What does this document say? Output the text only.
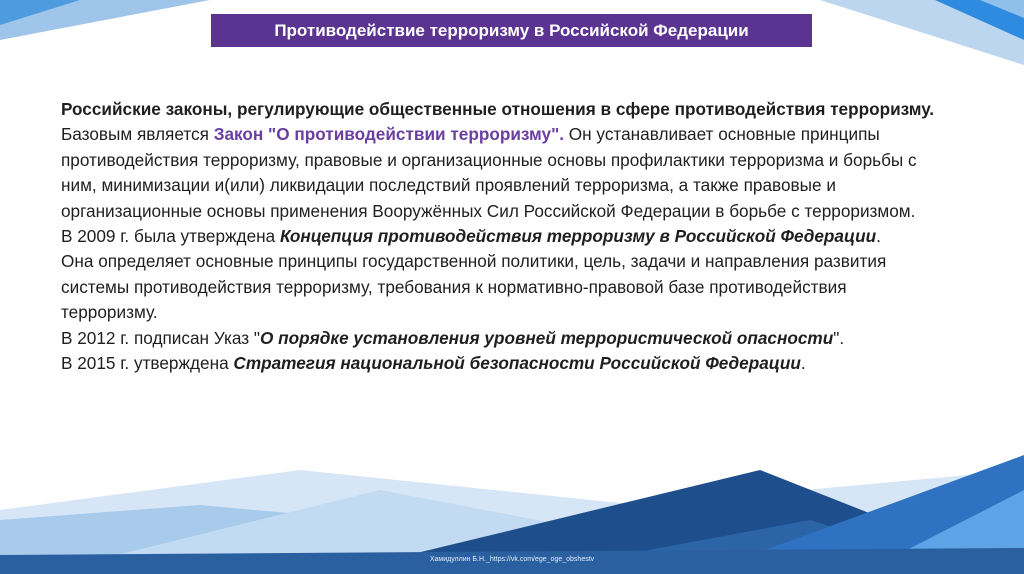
Противодействие терроризму в Российской Федерации

Российские законы, регулирующие общественные отношения в сфере противодействия терроризму.

Базовым является Закон "О противодействии терроризму". Он устанавливает основные принципы противодействия терроризму, правовые и организационные основы профилактики терроризма и борьбы с ним, минимизации и(или) ликвидации последствий проявлений терроризма, а также правовые и организационные основы применения Вооружённых Сил Российской Федерации в борьбе с терроризмом.

В 2009 г. была утверждена Концепция противодействия терроризму в Российской Федерации.

Она определяет основные принципы государственной политики, цель, задачи и направления развития системы противодействия терроризму, требования к нормативно-правовой базе противодействия терроризму.

В 2012 г. подписан Указ "О порядке установления уровней террористической опасности".

В 2015 г. утверждена Стратегия национальной безопасности Российской Федерации.

Хамидуллин Б.Н._https://vk.com/ege_oge_obshestv
